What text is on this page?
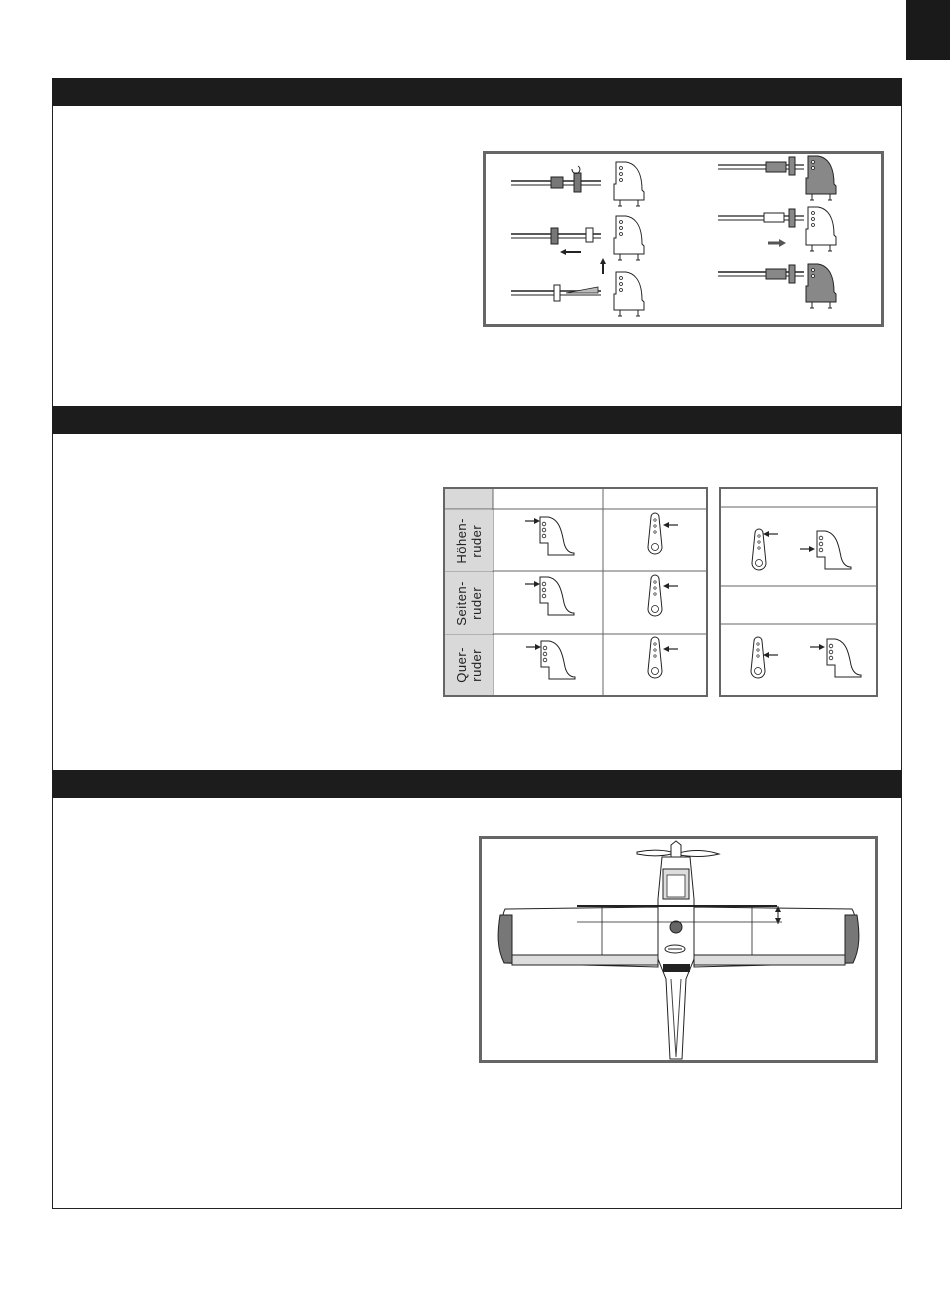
Höhen- ruder
Seiten- ruder
Quer- ruder
